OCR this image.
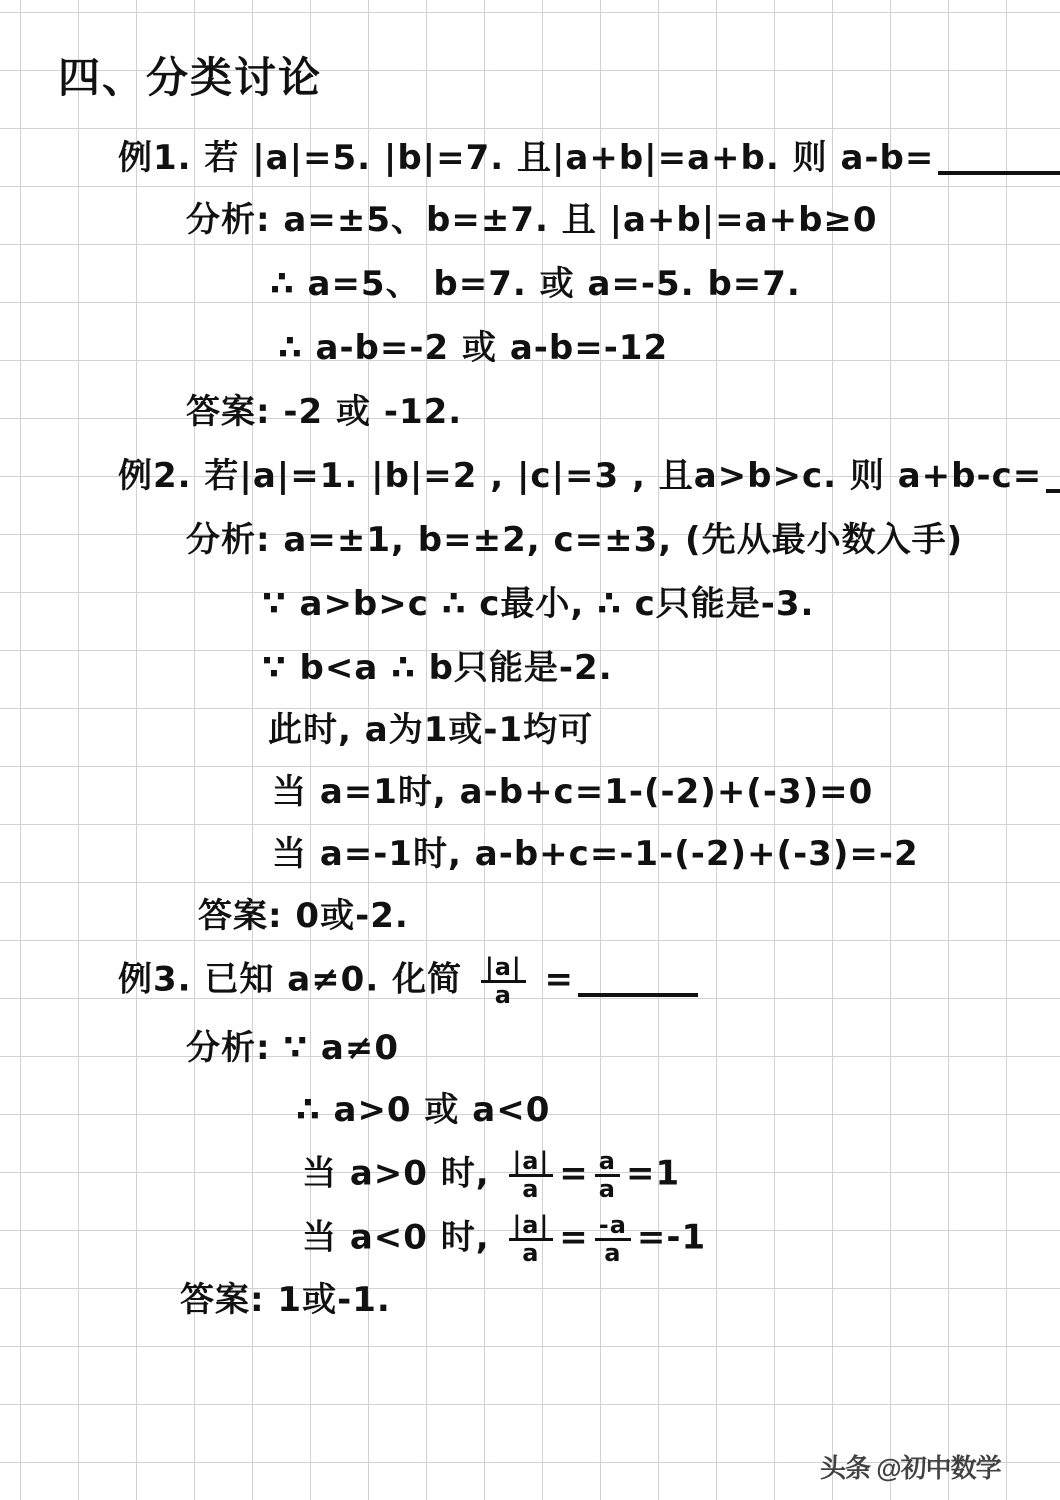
四、分类讨论
例1. 若 |a|=5. |b|=7. 且|a+b|=a+b. 则 a-b=
分析: a=±5、b=±7. 且 |a+b|=a+b≥0
∴ a=5、 b=7. 或 a=-5. b=7.
∴ a-b=-2 或 a-b=-12
答案: -2 或 -12.
例2. 若|a|=1. |b|=2 , |c|=3 , 且a>b>c. 则 a+b-c=
分析: a=±1, b=±2, c=±3, (先从最小数入手)
∵ a>b>c ∴ c最小, ∴ c只能是-3.
∵ b<a ∴ b只能是-2.
此时, a为1或-1均可
当 a=1时, a-b+c=1-(-2)+(-3)=0
当 a=-1时, a-b+c=-1-(-2)+(-3)=-2
答案: 0或-2.
例3. 已知 a≠0. 化简 $\frac{|a|}{a}$ =
分析: ∵ a≠0
∴ a>0 或 a<0
当 a>0 时, $\frac{|a|}{a} = \frac{a}{a} =1$
当 a<0 时, $\frac{|a|}{a} = \frac{-a}{a} =-1$
答案: 1或-1.
头条 @初中数学
